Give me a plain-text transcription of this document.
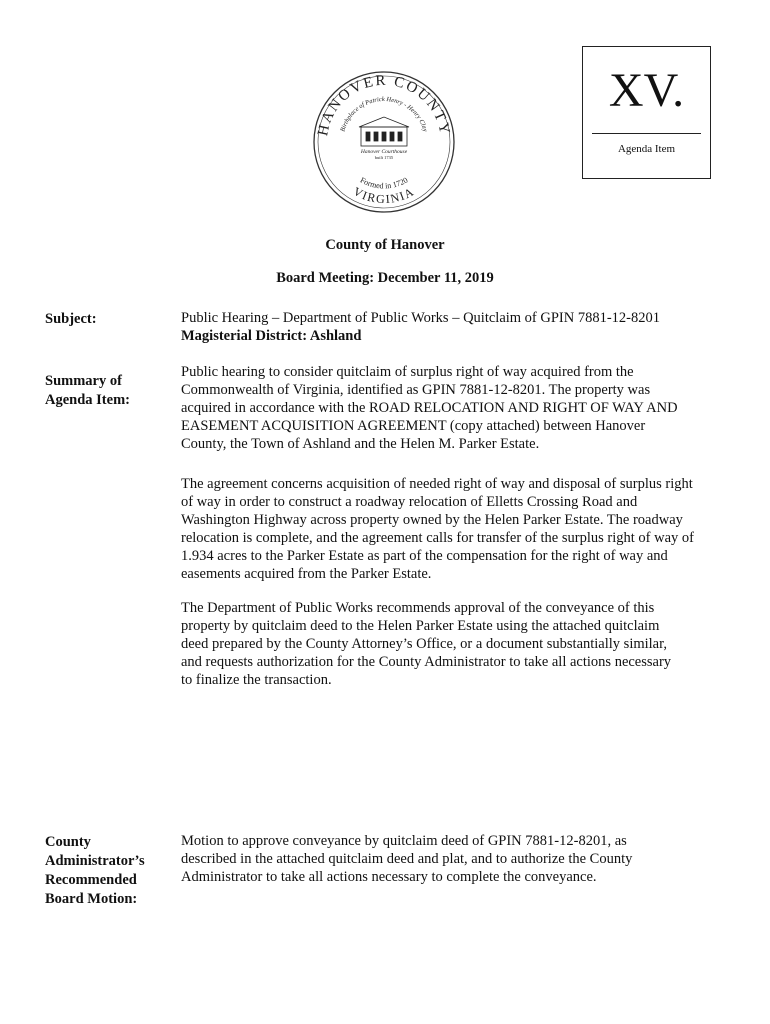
XV.
Agenda Item
HANOVER COUNTY
Birthplace of Patrick Henry - Henry Clay
Hanover Courthouse
built 1735
Formed in 1720
VIRGINIA
County of Hanover
Board Meeting: December 11, 2019
Subject:	Public Hearing – Department of Public Works – Quitclaim of GPIN 7881-12-8201

Magisterial District: Ashland

Summary of
Agenda Item:

Public hearing to consider quitclaim of surplus right of way acquired from the

Commonwealth of Virginia, identified as GPIN 7881-12-8201. The property was

acquired in accordance with the ROAD RELOCATION AND RIGHT OF WAY AND

EASEMENT ACQUISITION AGREEMENT (copy attached) between Hanover

County, the Town of Ashland and the Helen M. Parker Estate.

The agreement concerns acquisition of needed right of way and disposal of surplus right

of way in order to construct a roadway relocation of Elletts Crossing Road and

Washington Highway across property owned by the Helen Parker Estate. The roadway

relocation is complete, and the agreement calls for transfer of the surplus right of way of

1.934 acres to the Parker Estate as part of the compensation for the right of way and

easements acquired from the Parker Estate.

The Department of Public Works recommends approval of the conveyance of this

property by quitclaim deed to the Helen Parker Estate using the attached quitclaim

deed prepared by the County Attorney’s Office, or a document substantially similar,

and requests authorization for the County Administrator to take all actions necessary

to finalize the transaction.

County
Administrator’s
Recommended
Board Motion:

Motion to approve conveyance by quitclaim deed of GPIN 7881-12-8201, as

described in the attached quitclaim deed and plat, and to authorize the County

Administrator to take all actions necessary to complete the conveyance.
